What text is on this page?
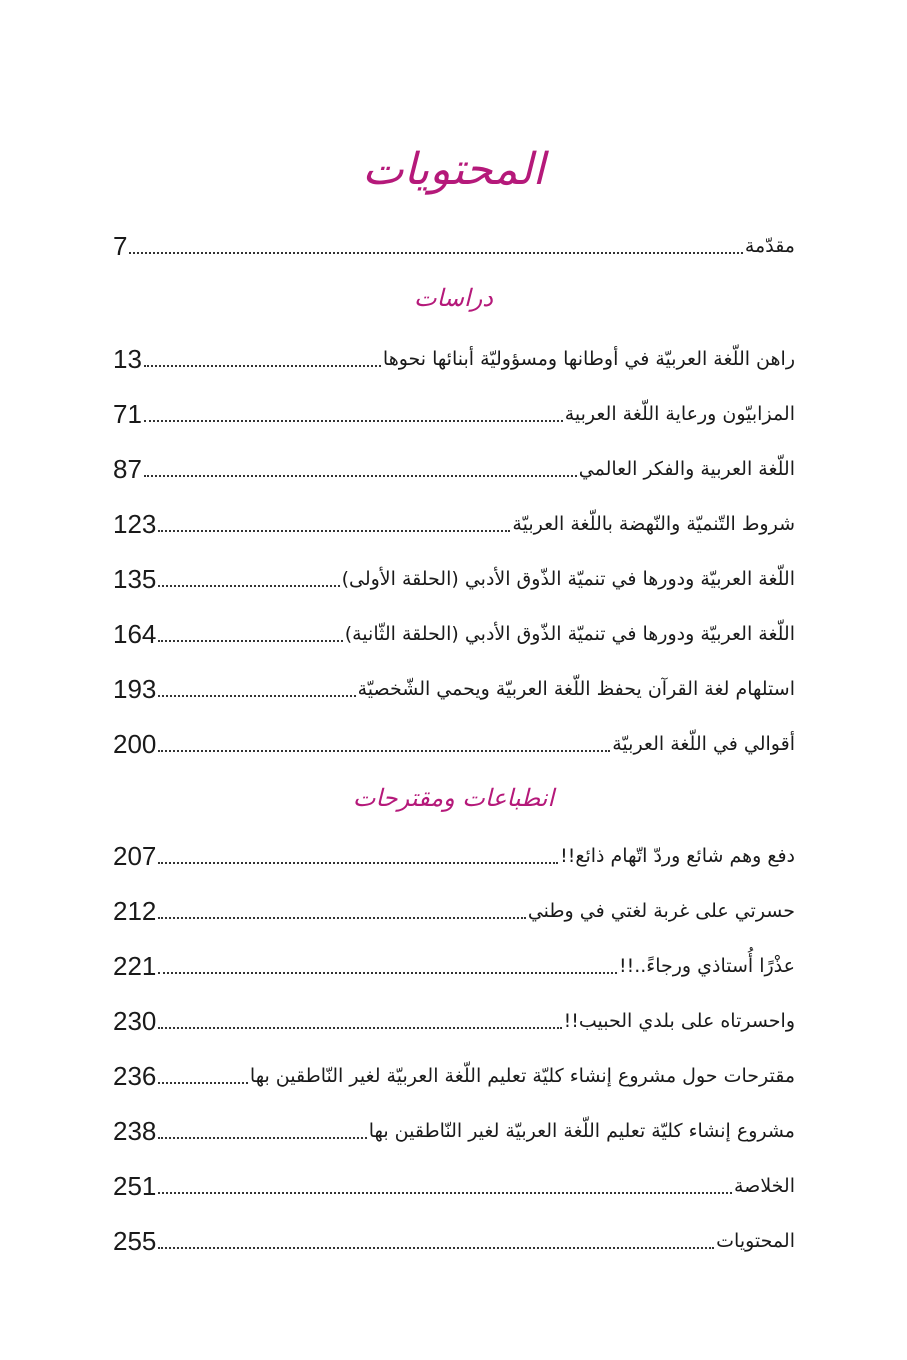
المحتويات
7	مقدّمة
دراسات
13	راهن اللّغة العربيّة في أوطانها ومسؤوليّة أبنائها نحوها
71	المزابيّون ورعاية اللّغة العربية
87	اللّغة العربية والفكر العالمي
123	شروط التّنميّة والنّهضة باللّغة العربيّة
135	اللّغة العربيّة ودورها في تنميّة الذّوق الأدبي (الحلقة الأولى)
164	اللّغة العربيّة ودورها في تنميّة الذّوق الأدبي (الحلقة الثّانية)
193	استلهام لغة القرآن يحفظ اللّغة العربيّة ويحمي الشّخصيّة
200	أقوالي في اللّغة العربيّة
انطباعات ومقترحات
207	دفع وهم شائع وردّ اتّهام ذائع!!
212	حسرتي على غربة لغتي في وطني
221	عذْرًا أُستاذي ورجاءً..!!
230	واحسرتاه على بلدي الحبيب!!
236	مقترحات حول مشروع إنشاء كليّة تعليم اللّغة العربيّة لغير النّاطقين بها
238	مشروع إنشاء كليّة تعليم اللّغة العربيّة لغير النّاطقين بها
251	الخلاصة
255	المحتويات
